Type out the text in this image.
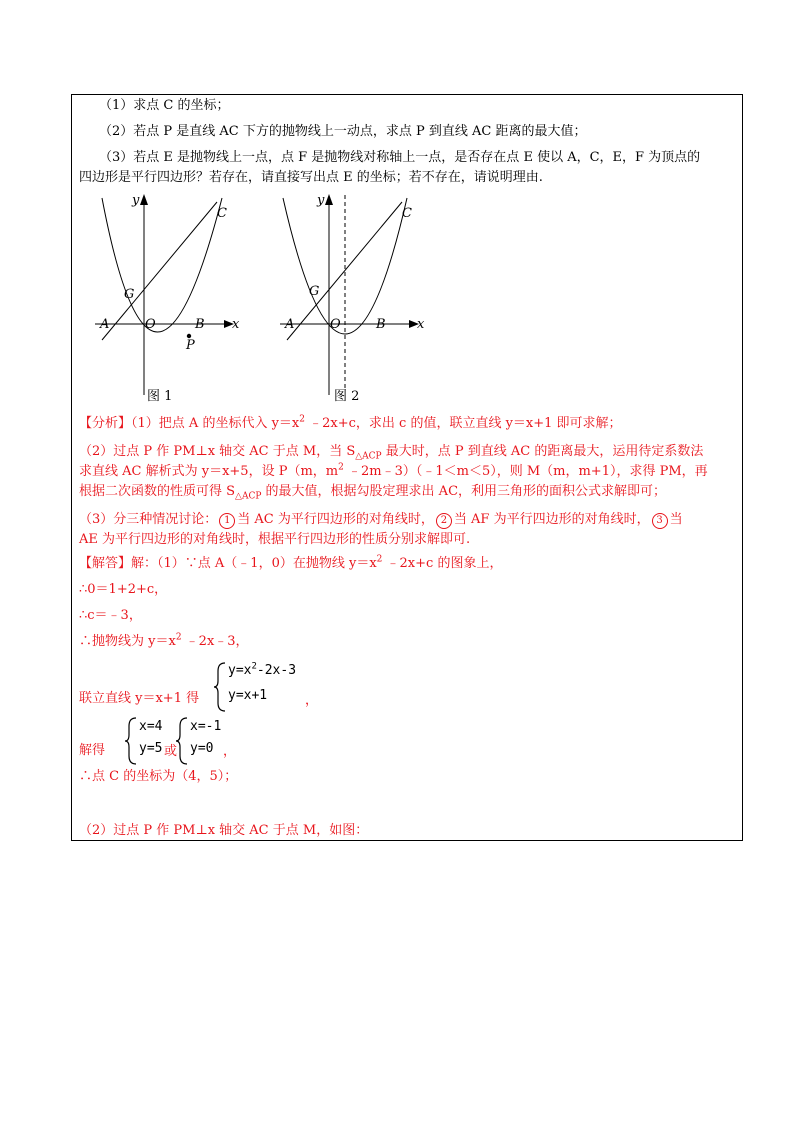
（1）求点 C 的坐标；
（2）若点 P 是直线 AC 下方的抛物线上一动点，求点 P 到直线 AC 距离的最大值；
（3）若点 E 是抛物线上一点，点 F 是抛物线对称轴上一点，是否存在点 E 使以 A，C，E，F 为顶点的
四边形是平行四边形？若存在，请直接写出点 E 的坐标；若不存在，请说明理由.
y
C
G
A	O	B x
P
图 1
y
C
G
A	O	B x
图 2
【分析】（1）把点 A 的坐标代入 $y=x^2$ ﹣2x+c，求出 c 的值，联立直线 y＝x+1 即可求解；
（2）过点 P 作 PM⊥x 轴交 AC 于点 M，当 $S_{\triangle ACP}$ 最大时，点 P 到直线 AC 的距离最大，运用待定系数法
求直线 AC 解析式为 y＝x+5，设 P（m，$m^2$ ﹣2m﹣3）（﹣1＜m＜5），则 M（m，m+1），求得 PM，再
根据二次函数的性质可得 $S_{\triangle ACP}$ 的最大值，根据勾股定理求出 AC，利用三角形的面积公式求解即可；
（3）分三种情况讨论： 1 当 AC 为平行四边形的对角线时， 2 当 AF 为平行四边形的对角线时， 3 当
AE 为平行四边形的对角线时，根据平行四边形的性质分别求解即可.
【解答】解：（1）∵点 A（﹣1，0）在抛物线 $y=x^2$ ﹣2x+c 的图象上，
∴0＝1+2+c，
∴c＝﹣3，
∴抛物线为 $y=x^2$ ﹣2x﹣3，
联立直线 y＝x+1 得
$y=x^2-2x-3$
y=x+1	，
解得
x=4
y=5 或
x=-1
y=0 ，
∴点 C 的坐标为（4，5）；
（2）过点 P 作 PM⊥x 轴交 AC 于点 M，如图：
